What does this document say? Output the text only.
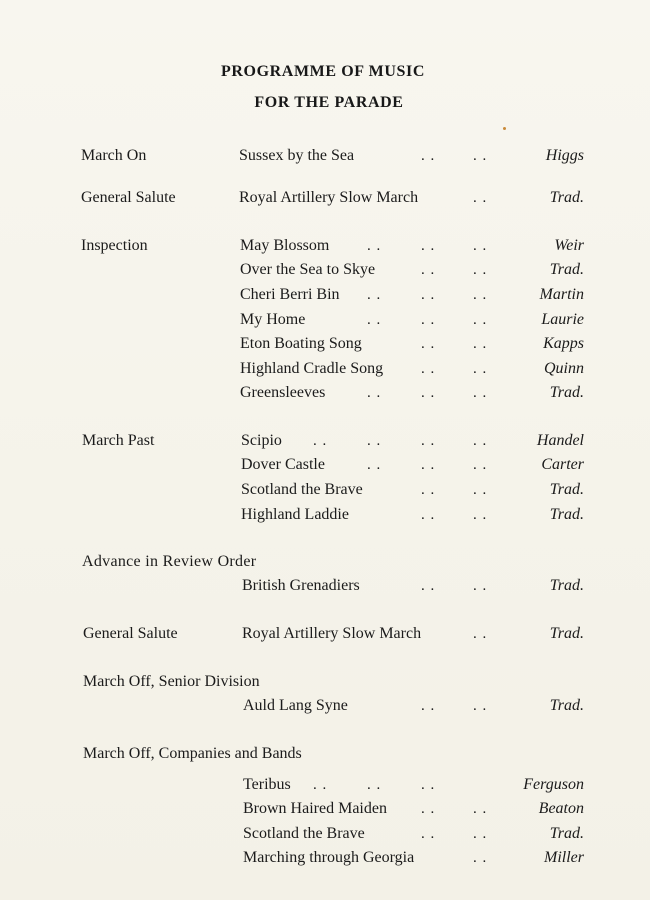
PROGRAMME OF MUSIC
FOR THE PARADE
March On	Sussex by the Sea	. .	. .	Higgs
General Salute	Royal Artillery Slow March	. .	Trad.
Inspection	May Blossom	. .	. .	. .	Weir
Over the Sea to Skye	. .	. .	Trad.
Cheri Berri Bin . .	. .	. .	Martin
My Home	. .	. .	. .	Laurie
Eton Boating Song	. .	. .	Kapps
Highland Cradle Song	. .	. .	Quinn
Greensleeves	. .	. .	. .	Trad.
March Past	Scipio . .	. .	. .	. .	Handel
Dover Castle	. .	. .	. .	Carter
Scotland the Brave	. .	. .	Trad.
Highland Laddie	. .	. .	Trad.
Advance in Review Order
British Grenadiers	. .	. .	Trad.
General Salute	Royal Artillery Slow March	. .	Trad.
March Off, Senior Division
Auld Lang Syne	. .	. .	Trad.
March Off, Companies and Bands
Teribus . .	. .	. .	Ferguson
Brown Haired Maiden . .	. .	Beaton
Scotland the Brave	. .	. .	Trad.
Marching through Georgia	. .	Miller
